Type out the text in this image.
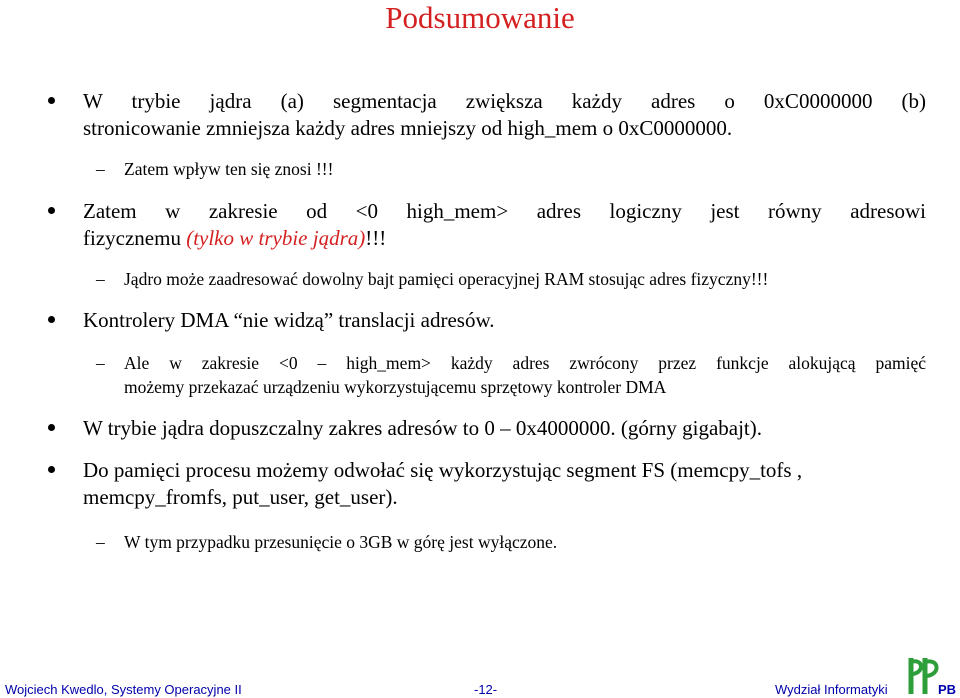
Podsumowanie
W trybie jądra (a) segmentacja zwiększa każdy adres o 0xC0000000 (b)
stronicowanie zmniejsza każdy adres mniejszy od high_mem o 0xC0000000.
– Zatem wpływ ten się znosi !!!
Zatem w zakresie od <0 high_mem> adres logiczny jest równy adresowi
fizycznemu (tylko w trybie jądra)!!!
– Jądro może zaadresować dowolny bajt pamięci operacyjnej RAM stosując adres fizyczny!!!
Kontrolery DMA “nie widzą” translacji adresów.
– Ale w zakresie <0 – high_mem> każdy adres zwrócony przez funkcje alokującą pamięć
możemy przekazać urządzeniu wykorzystującemu sprzętowy kontroler DMA
W trybie jądra dopuszczalny zakres adresów to 0 – 0x4000000. (górny gigabajt).
Do pamięci procesu możemy odwołać się wykorzystując segment FS (memcpy_tofs ,
memcpy_fromfs, put_user, get_user).
– W tym przypadku przesunięcie o 3GB w górę jest wyłączone.
Wojciech Kwedlo, Systemy Operacyjne II	-12-	Wydział Informatyki	PB
